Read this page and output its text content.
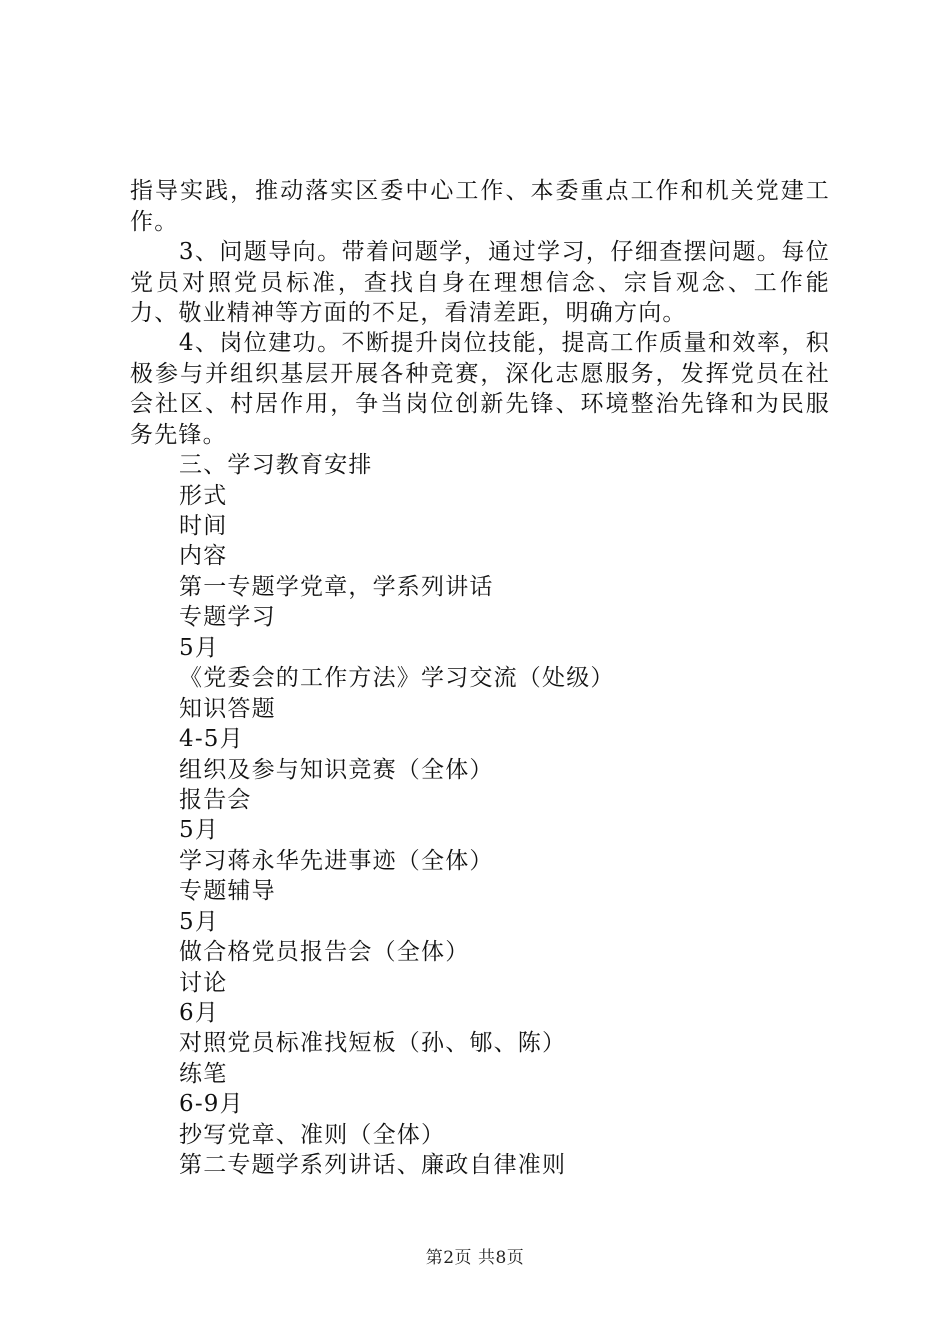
指导实践，推动落实区委中心工作、本委重点工作和机关党建工作。

　　3、问题导向。带着问题学，通过学习，仔细查摆问题。每位党员对照党员标准，查找自身在理想信念、宗旨观念、工作能力、敬业精神等方面的不足，看清差距，明确方向。

　　4、岗位建功。不断提升岗位技能，提高工作质量和效率，积极参与并组织基层开展各种竞赛，深化志愿服务，发挥党员在社会社区、村居作用，争当岗位创新先锋、环境整治先锋和为民服务先锋。

三、学习教育安排
形式
时间
内容
第一专题学党章，学系列讲话
专题学习
5月
《党委会的工作方法》学习交流（处级）
知识答题
4-5月
组织及参与知识竞赛（全体）
报告会
5月
学习蒋永华先进事迹（全体）
专题辅导
5月
做合格党员报告会（全体）
讨论
6月
对照党员标准找短板（孙、郇、陈）
练笔
6-9月
抄写党章、准则（全体）
第二专题学系列讲话、廉政自律准则
第2页 共8页
